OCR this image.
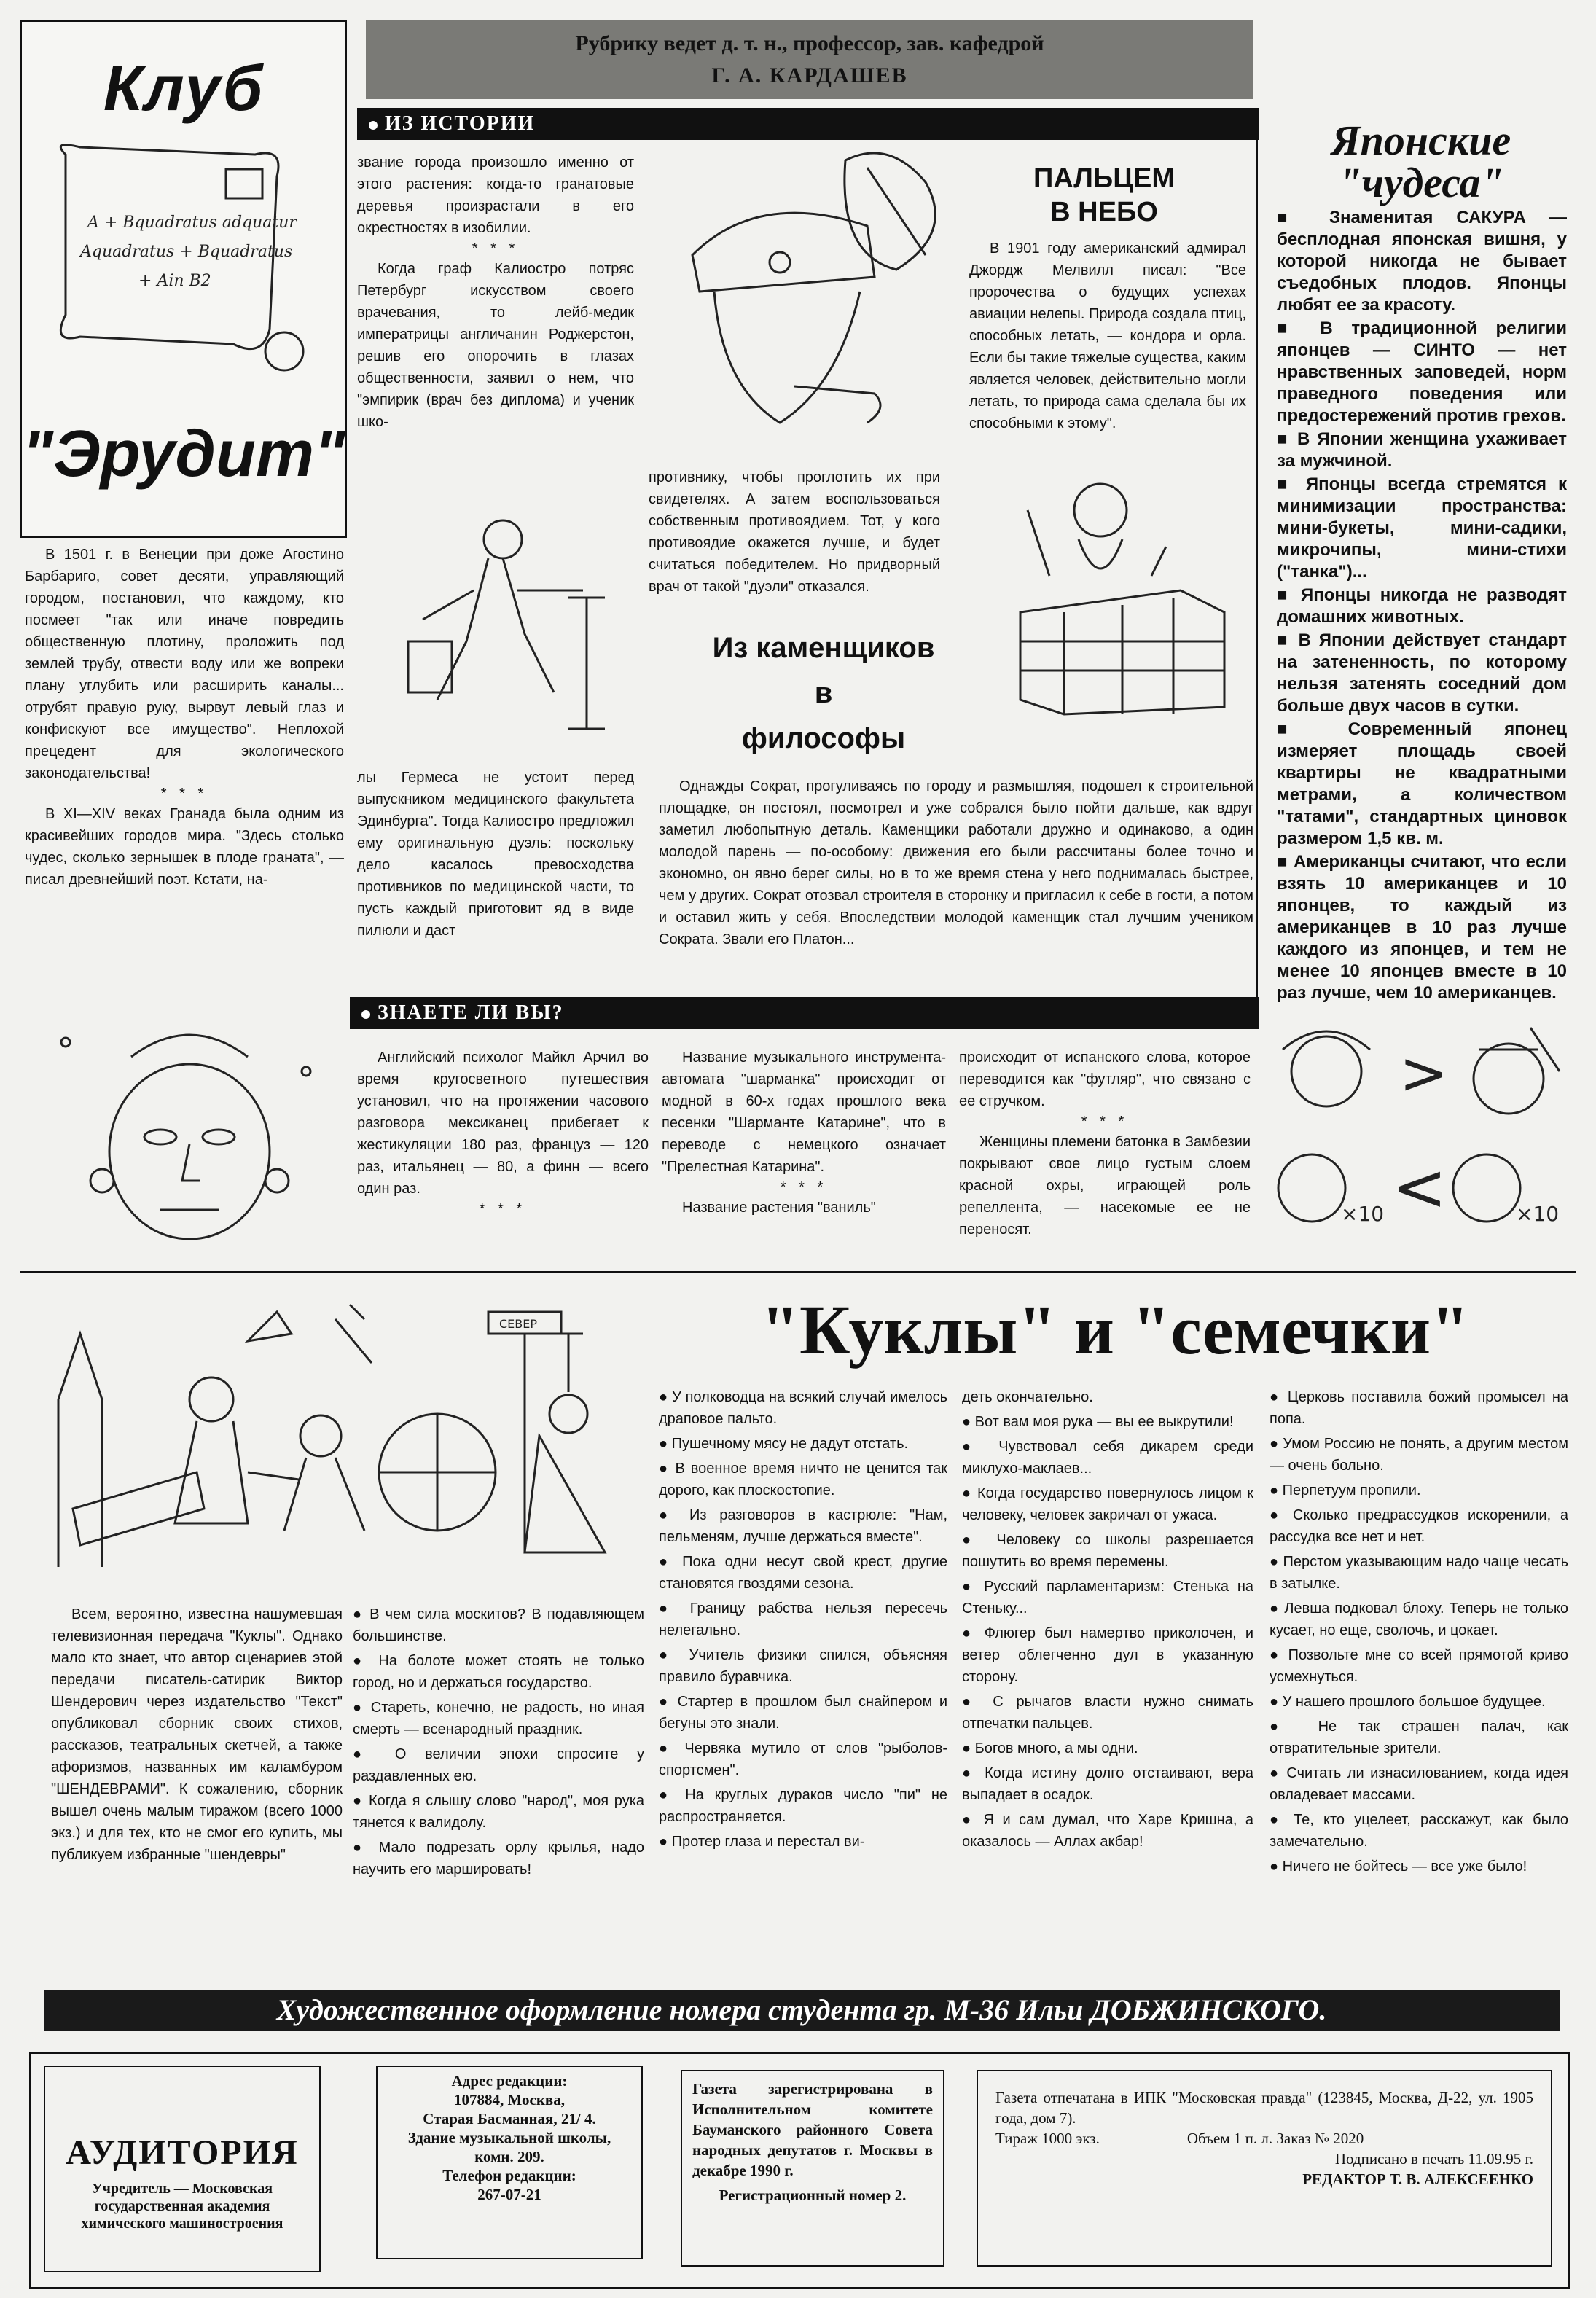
Рубрику ведет д. т. н., профессор, зав. кафедрой
Г. А. КАРДАШЕВ
Клуб
A + Bquadratus adquatur
Aquadratus + Bquadratus
+ Ain B2
"Эрудит"

В 1501 г. в Венеции при доже Агостино Барбариго, совет десяти, управляющий городом, постановил, что каждому, кто посмеет "так или иначе повредить общественную плотину, проложить под землей трубу, отвести воду или же вопреки плану углубить или расширить каналы... отрубят правую руку, вырвут левый глаз и конфискуют все имущество". Неплохой прецедент для экологического законодательства!

* * *

В XI—XIV веках Гранада была одним из красивейших городов мира. "Здесь столько чудес, сколько зернышек в плоде граната", — писал древнейший поэт. Кстати, на-

ИЗ ИСТОРИИ

звание города произошло именно от этого растения: когда-то гранатовые деревья произрастали в его окрестностях в изобилии.

* * *

Когда граф Калиостро потряс Петербург искусством своего врачевания, то лейб-медик императрицы англичанин Роджерстон, решив его опорочить в глазах общественности, заявил о нем, что "эмпирик (врач без диплома) и ученик шко-

лы Гермеса не устоит перед выпускником медицинского факультета Эдинбурга". Тогда Калиостро предложил ему оригинальную дуэль: поскольку дело касалось превосходства противников по медицинской части, то пусть каждый приготовит яд в виде пилюли и даст

противнику, чтобы проглотить их при свидетелях. А затем воспользоваться собственным противоядием. Тот, у кого противоядие окажется лучше, и будет считаться победителем. Но придворный врач от такой "дуэли" отказался.

ПАЛЬЦЕМ
В НЕБО

В 1901 году американский адмирал Джордж Мелвилл писал: "Все пророчества о будущих успехах авиации нелепы. Природа создала птиц, способных летать, — кондора и орла. Если бы такие тяжелые существа, каким является человек, действительно могли летать, то природа сама сделала бы их способными к этому".

Из каменщиков
в
философы

Однажды Сократ, прогуливаясь по городу и размышляя, подошел к строительной площадке, он постоял, посмотрел и уже собрался было пойти дальше, как вдруг заметил любопытную деталь. Каменщики работали дружно и одинаково, а один молодой парень — по-особому: движения его были рассчитаны более точно и экономно, он явно берег силы, но в то же время стена у него поднималась быстрее, чем у других. Сократ отозвал строителя в сторонку и пригласил к себе в гости, а потом и оставил жить у себя. Впоследствии молодой каменщик стал лучшим учеником Сократа. Звали его Платон...

Японские
"чудеса"

■ Знаменитая САКУРА — бесплодная японская вишня, у которой никогда не бывает съедобных плодов. Японцы любят ее за красоту.

■ В традиционной религии японцев — СИНТО — нет нравственных заповедей, норм праведного поведения или предостережений против грехов.

■ В Японии женщина ухаживает за мужчиной.

■ Японцы всегда стремятся к минимизации пространства: мини-букеты, мини-садики, микрочипы, мини-стихи ("танка")...

■ Японцы никогда не разводят домашних животных.

■ В Японии действует стандарт на затененность, по которому нельзя затенять соседний дом больше двух часов в сутки.

■ Современный японец измеряет площадь своей квартиры не квадратными метрами, а количеством "татами", стандартных циновок размером 1,5 кв. м.

■ Американцы считают, что если взять 10 американцев и 10 японцев, то каждый из американцев в 10 раз лучше каждого из японцев, и тем не менее 10 японцев вместе в 10 раз лучше, чем 10 американцев.

ЗНАЕТЕ ЛИ ВЫ?

Английский психолог Майкл Арчил во время кругосветного путешествия установил, что на протяжении часового разговора мексиканец прибегает к жестикуляции 180 раз, француз — 120 раз, итальянец — 80, а финн — всего один раз.

* * *

Название музыкального инструмента-автомата "шарманка" происходит от модной в 60-х годах прошлого века песенки "Шарманте Катарине", что в переводе с немецкого означает "Прелестная Катарина".

* * *

Название растения "ваниль"

происходит от испанского слова, которое переводится как "футляр", что связано с ее стручком.

* * *

Женщины племени батонка в Замбезии покрывают свое лицо густым слоем красной охры, играющей роль репеллента, — насекомые ее не переносят.

>
×10 <	×10
СЕВЕР	"Куклы" и "семечки"

Всем, вероятно, известна нашумевшая телевизионная передача "Куклы". Однако мало кто знает, что автор сценариев этой передачи писатель-сатирик Виктор Шендерович через издательство "Текст" опубликовал сборник своих стихов, рассказов, театральных скетчей, а также афоризмов, названных им каламбуром "ШЕНДЕВРАМИ". К сожалению, сборник вышел очень малым тиражом (всего 1000 экз.) и для тех, кто не смог его купить, мы публикуем избранные "шендевры"

● В чем сила москитов? В подавляющем большинстве.

● На болоте может стоять не только город, но и держаться государство.

● Стареть, конечно, не радость, но иная смерть — всенародный праздник.

● О величии эпохи спросите у раздавленных ею.

● Когда я слышу слово "народ", моя рука тянется к валидолу.

● Мало подрезать орлу крылья, надо научить его маршировать!

● У полководца на всякий случай имелось драповое пальто.

● Пушечному мясу не дадут отстать.

● В военное время ничто не ценится так дорого, как плоскостопие.

● Из разговоров в кастрюле: "Нам, пельменям, лучше держаться вместе".

● Пока одни несут свой крест, другие становятся гвоздями сезона.

● Границу рабства нельзя пересечь нелегально.

● Учитель физики спился, объясняя правило буравчика.

● Стартер в прошлом был снайпером и бегуны это знали.

● Червяка мутило от слов "рыболов-спортсмен".

● На круглых дураков число "пи" не распространяется.

● Протер глаза и перестал ви-

деть окончательно.

● Вот вам моя рука — вы ее выкрутили!

● Чувствовал себя дикарем среди миклухо-маклаев...

● Когда государство повернулось лицом к человеку, человек закричал от ужаса.

● Человеку со школы разрешается пошутить во время перемены.

● Русский парламентаризм: Стенька на Стеньку...

● Флюгер был намертво приколочен, и ветер облегченно дул в указанную сторону.

● С рычагов власти нужно снимать отпечатки пальцев.

● Богов много, а мы одни.

● Когда истину долго отстаивают, вера выпадает в осадок.

● Я и сам думал, что Харе Кришна, а оказалось — Аллах акбар!

● Церковь поставила божий промысел на попа.

● Умом Россию не понять, а другим местом — очень больно.

● Перпетуум пропили.

● Сколько предрассудков искоренили, а рассудка все нет и нет.

● Перстом указывающим надо чаще чесать в затылке.

● Левша подковал блоху. Теперь не только кусает, но еще, сволочь, и цокает.

● Позвольте мне со всей прямотой криво усмехнуться.

● У нашего прошлого большое будущее.

● Не так страшен палач, как отвратительные зрители.

● Считать ли изнасилованием, когда идея овладевает массами.

● Те, кто уцелеет, расскажут, как было замечательно.

● Ничего не бойтесь — все уже было!

Художественное оформление номера студента гр. М-36 Ильи ДОБЖИНСКОГО.
АУДИТОРИЯ
Учредитель — Московская государственная академия химического машиностроения
Адрес редакции:
107884, Москва,
Старая Басманная, 21/ 4.
Здание музыкальной школы,
комн. 209.
Телефон редакции:
267-07-21
Газета зарегистрирована в Исполнительном комитете Бауманского районного Совета народных депутатов г. Москвы в декабре 1990 г.
Регистрационный номер 2.
Газета отпечатана в ИПК "Московская правда" (123845, Москва, Д-22, ул. 1905 года, дом 7).
Тираж 1000 экз.	Объем 1 п. л. Заказ № 2020
Подписано в печать 11.09.95 г.
РЕДАКТОР Т. В. АЛЕКСЕЕНКО
